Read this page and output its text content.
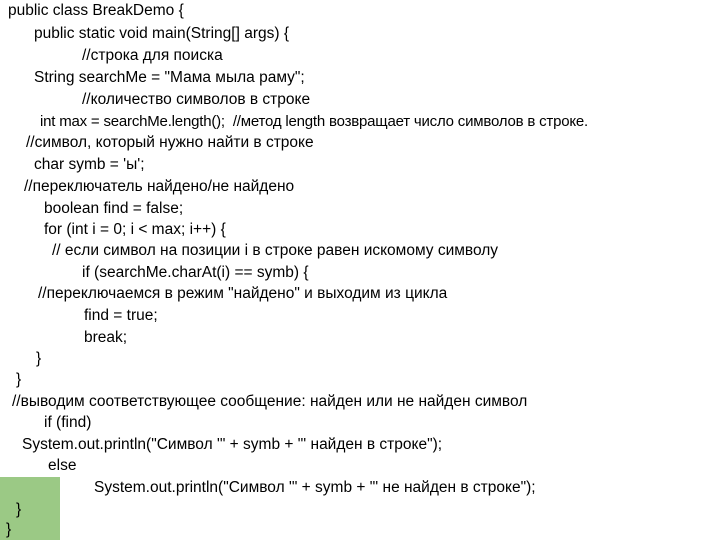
public class BreakDemo {
public static void main(String[] args) {
//строка для поиска
String searchMe = "Мама мыла раму";
//количество символов в строке
int max = searchMe.length();  //метод length возвращает число символов в строке.
//символ, который нужно найти в строке
char symb = 'ы';
//переключатель найдено/не найдено
boolean find = false;
for (int i = 0; i < max; i++) {
// если символ на позиции i в строке равен искомому символу
if (searchMe.charAt(i) == symb) {
//переключаемся в режим "найдено" и выходим из цикла
find = true;
break;
}
}
//выводим соответствующее сообщение: найден или не найден символ
if (find)
System.out.println("Символ '" + symb + "' найден в строке");
else
System.out.println("Символ '" + symb + "' не найден в строке");
}
}
